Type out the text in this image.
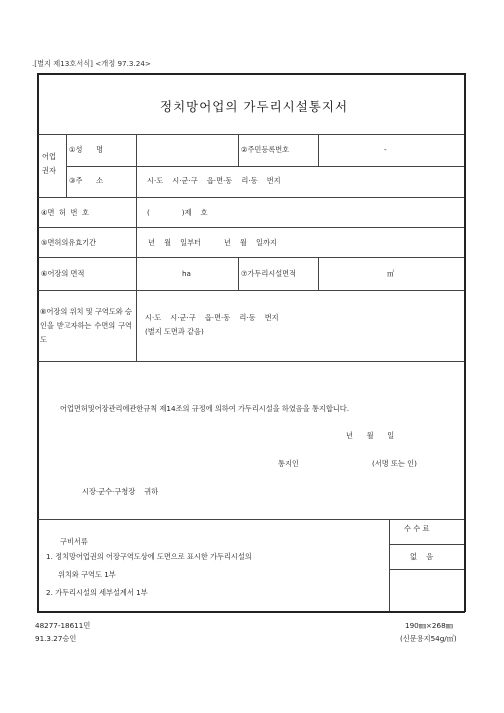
.[별지 제13호서식] <개정 97.3.24>
정치망어업의 가두리시설통지서
어업
권자
①성      명	②주민등록번호	-
③주      소	시·도    시·군·구    읍·면·동    리·동    번지
④면  허  번  호	(              )제    호
⑤면허의유효기간	년    월    일부터          년    월    일까지
⑥어장의 면적	ha	⑦가두리시설면적	㎡
⑧어장의 위치 및 구역도와 승인을 받고자하는 수면의 구역도
시·도    시·군·구    읍·면·동    리·동    번지
(별지 도면과 같음)
어업면허및어장관리에관한규칙 제14조의 규정에 의하여 가두리시설을 하였음을 통지합니다.
년      월      일
통지인	(서명 또는 인)
시장·군수·구청장    귀하
구비서류
1. 정치망어업권의 어장구역도상에 도면으로 표시한 가두리시설의
위치와 구역도 1부
2. 가두리시설의 세부설계서 1부
수 수 료
없    음
48277-18611민
91.3.27승인
190㎜×268㎜
(신문용지54g/㎡)
